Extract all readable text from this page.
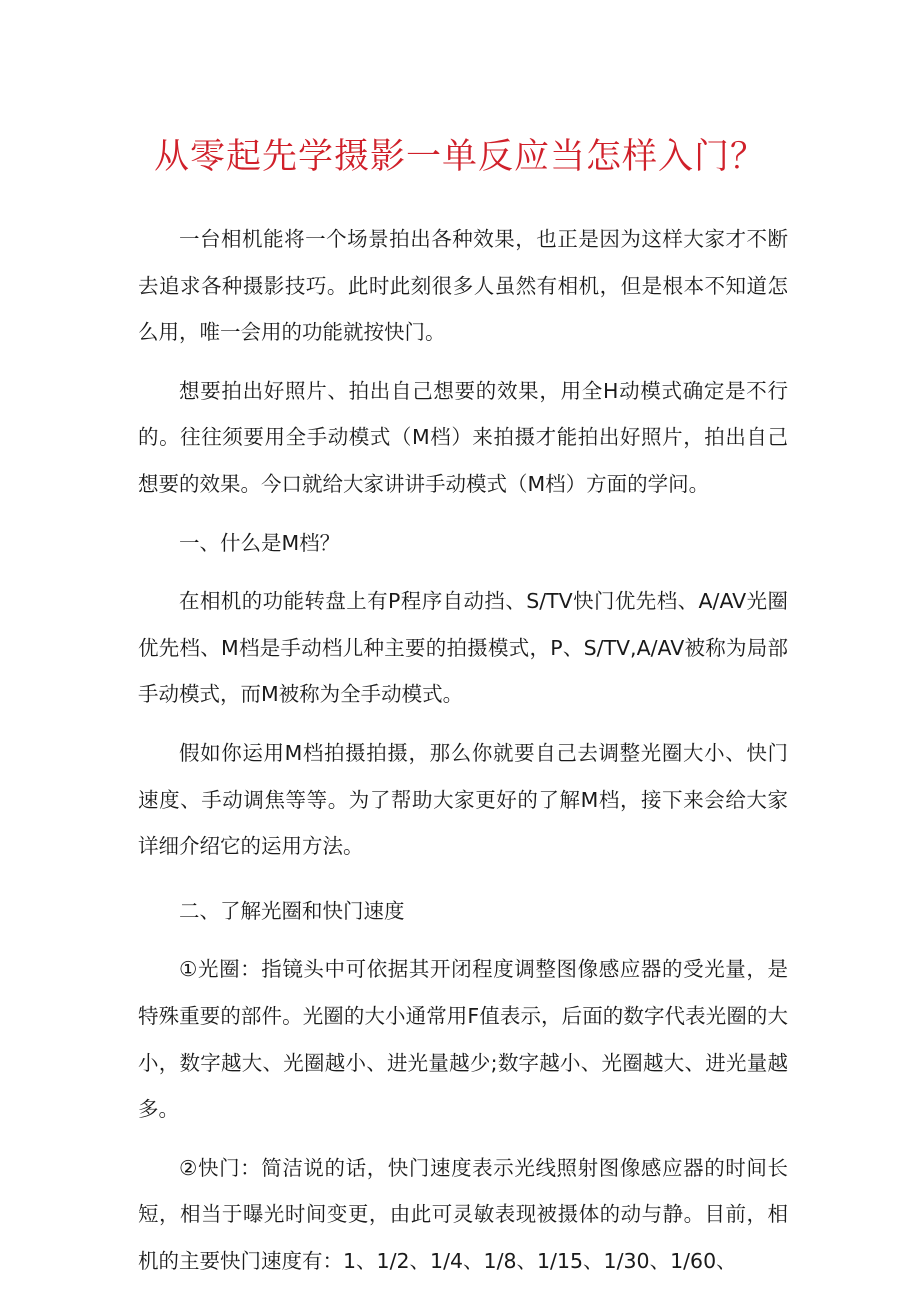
从零起先学摄影一单反应当怎样入门？

一台相机能将一个场景拍出各种效果，也正是因为这样大家才不断去追求各种摄影技巧。此时此刻很多人虽然有相机，但是根本不知道怎么用，唯一会用的功能就按快门。

想要拍出好照片、拍出自己想要的效果，用全H动模式确定是不行的。往往须要用全手动模式（M档）来拍摄才能拍出好照片，拍出自己想要的效果。今口就给大家讲讲手动模式（M档）方面的学问。

一、什么是M档？

在相机的功能转盘上有P程序自动挡、S/TV快门优先档、A/AV光圈优先档、M档是手动档儿种主要的拍摄模式，P、S/TV,A/AV被称为局部手动模式，而M被称为全手动模式。

假如你运用M档拍摄拍摄，那么你就要自己去调整光圈大小、快门速度、手动调焦等等。为了帮助大家更好的了解M档，接下来会给大家详细介绍它的运用方法。

二、了解光圈和快门速度

①光圈：指镜头中可依据其开闭程度调整图像感应器的受光量，是特殊重要的部件。光圈的大小通常用F值表示，后面的数字代表光圈的大小，数字越大、光圈越小、进光量越少;数字越小、光圈越大、进光量越多。

②快门：简洁说的话，快门速度表示光线照射图像感应器的时间长短，相当于曝光时间变更，由此可灵敏表现被摄体的动与静。目前，相机的主要快门速度有：1、1/2、1/4、1/8、1/15、1/30、1/60、
